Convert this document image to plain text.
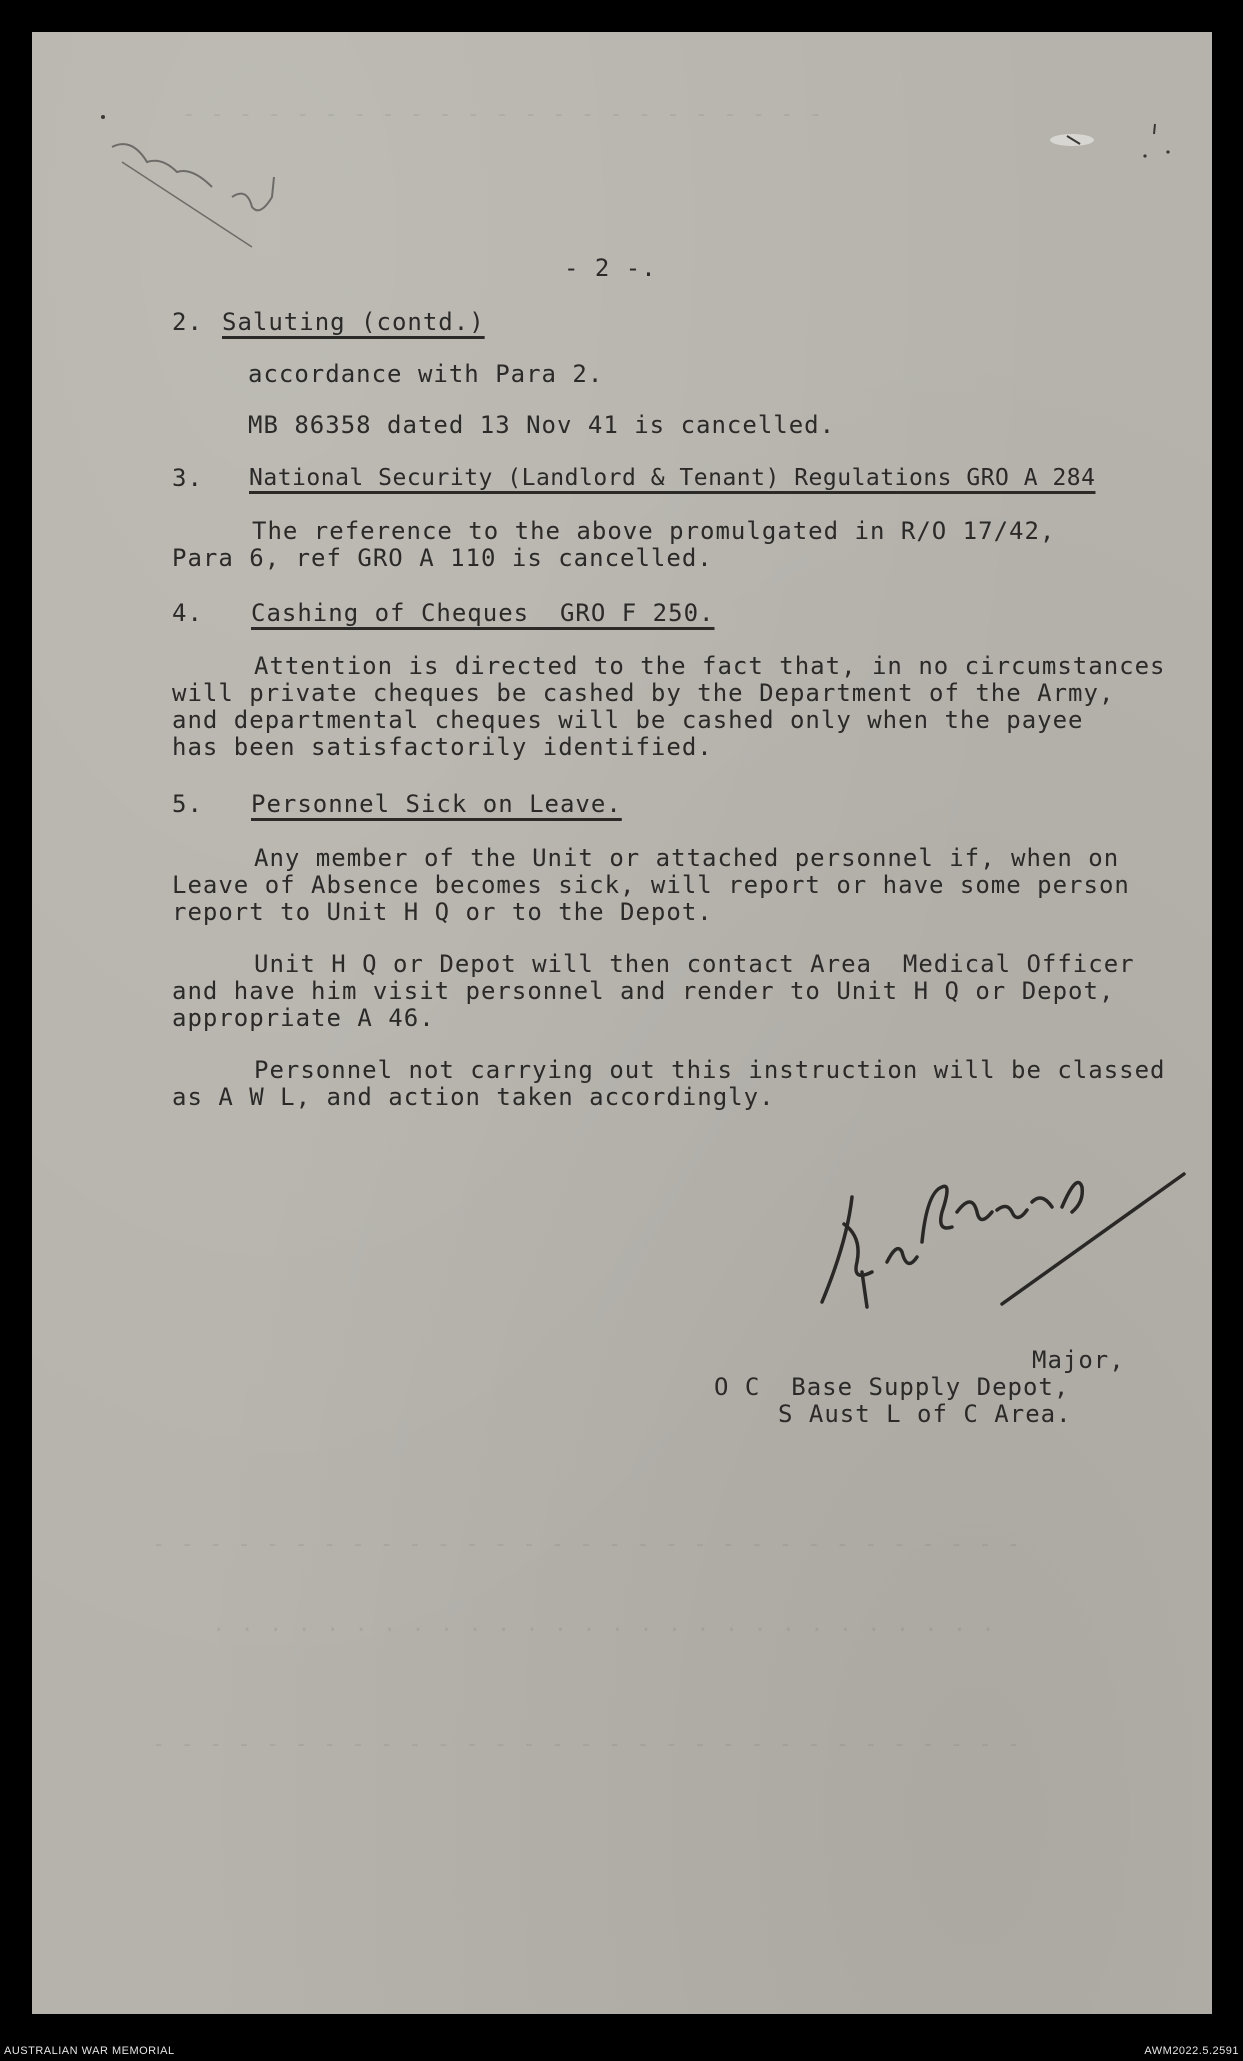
- - - - - - - - - - - - - - - - - - - - - - -
- 2 -.
2. Saluting (contd.)
accordance with Para 2.
MB 86358 dated 13 Nov 41 is cancelled.
3. National Security (Landlord & Tenant) Regulations GRO A 284
The reference to the above promulgated in R/O 17/42,
Para 6, ref GRO A 110 is cancelled.
4. Cashing of Cheques  GRO F 250.
Attention is directed to the fact that, in no circumstances
will private cheques be cashed by the Department of the Army,
and departmental cheques will be cashed only when the payee
has been satisfactorily identified.
5. Personnel Sick on Leave.
Any member of the Unit or attached personnel if, when on
Leave of Absence becomes sick, will report or have some person
report to Unit H Q or to the Depot.
Unit H Q or Depot will then contact Area  Medical Officer
and have him visit personnel and render to Unit H Q or Depot,
appropriate A 46.
Personnel not carrying out this instruction will be classed
as A W L, and action taken accordingly.
Major,
O C  Base Supply Depot,
S Aust L of C Area.
- - - - - - - - - - - - - - - - - - - - - - - - - - - - - - -
. . . . . . . . . . . . . . . . . . . . . . . . . . . .
- - - - - - - - - - - - - - - - - - - - - - - - - - - - - - -
AUSTRALIAN WAR MEMORIAL	AWM2022.5.2591
